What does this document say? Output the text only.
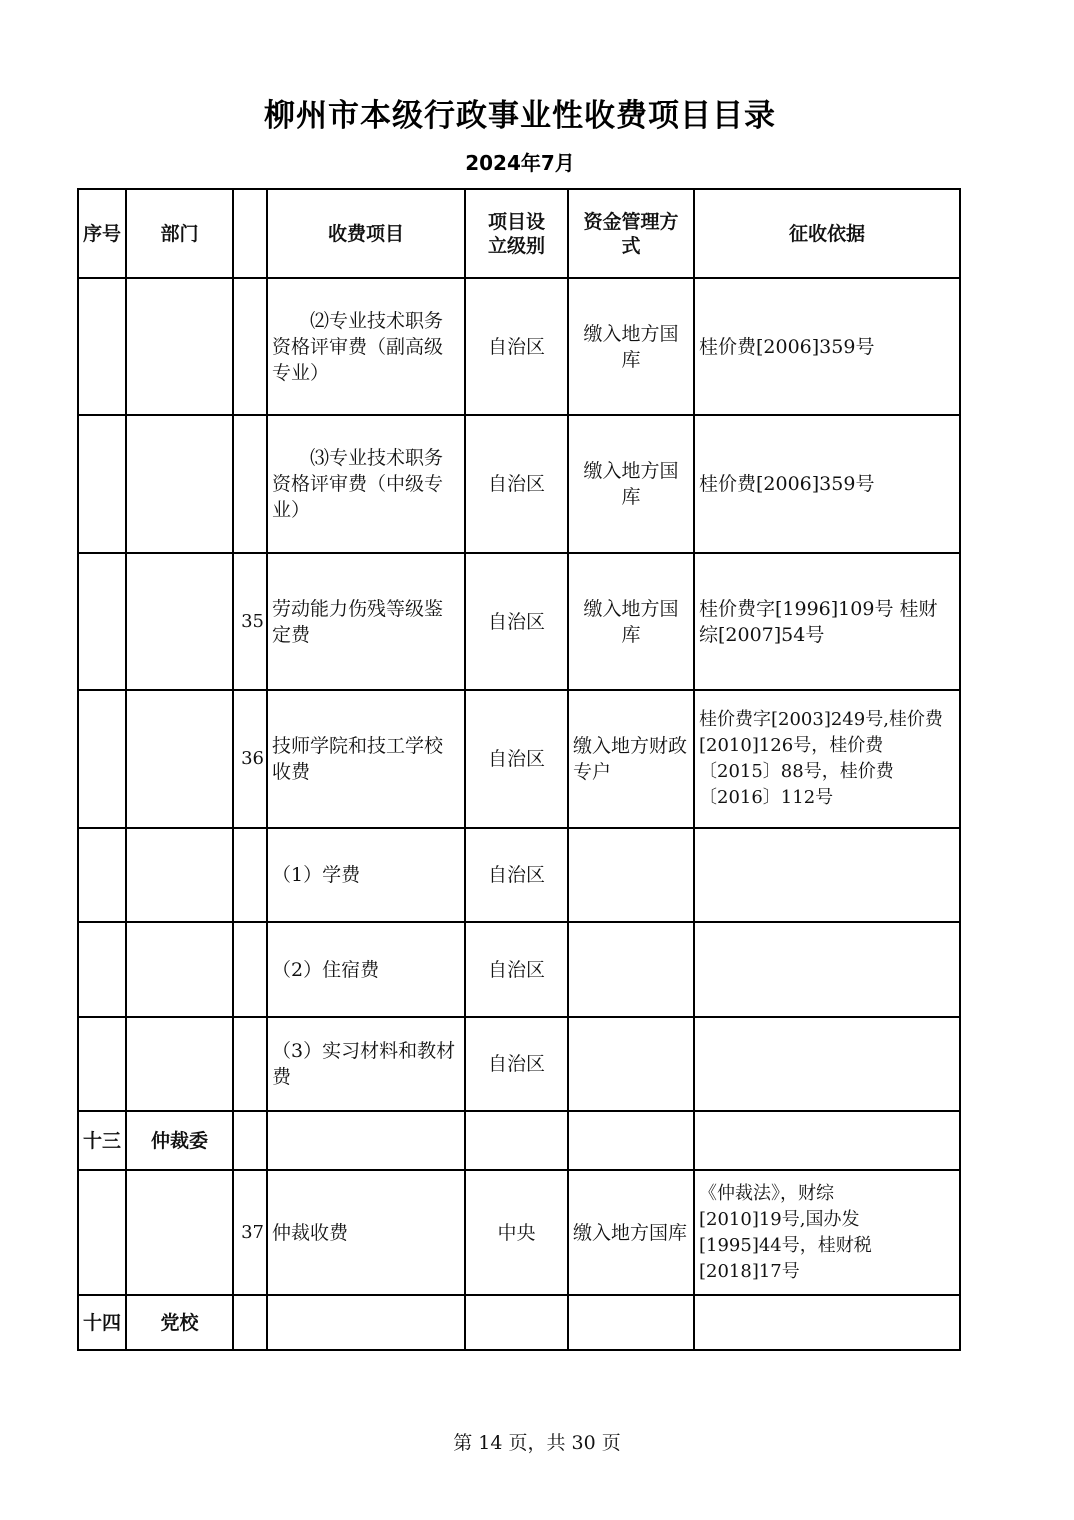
柳州市本级行政事业性收费项目目录
2024年7月
序号	部门		收费项目	项目设立级别	资金管理方式	征收依据

			⑵专业技术职务资格评审费（副高级专业）	自治区	缴入地方国库	桂价费[2006]359号

			⑶专业技术职务资格评审费（中级专业）	自治区	缴入地方国库	桂价费[2006]359号
		35	劳动能力伤残等级鉴定费	自治区	缴入地方国库	桂价费字[1996]109号 桂财综[2007]54号
		36	技师学院和技工学校收费	自治区	缴入地方财政专户	桂价费字[2003]249号,桂价费[2010]126号，桂价费〔2015〕88号，桂价费〔2016〕112号
			（1）学费	自治区		
			（2）住宿费	自治区		
			（3）实习材料和教材费	自治区		
十三	仲裁委					
		37	仲裁收费	中央	缴入地方国库	《仲裁法》，财综[2010]19号,国办发[1995]44号，桂财税[2018]17号
十四	党校					
第 14 页，共 30 页
